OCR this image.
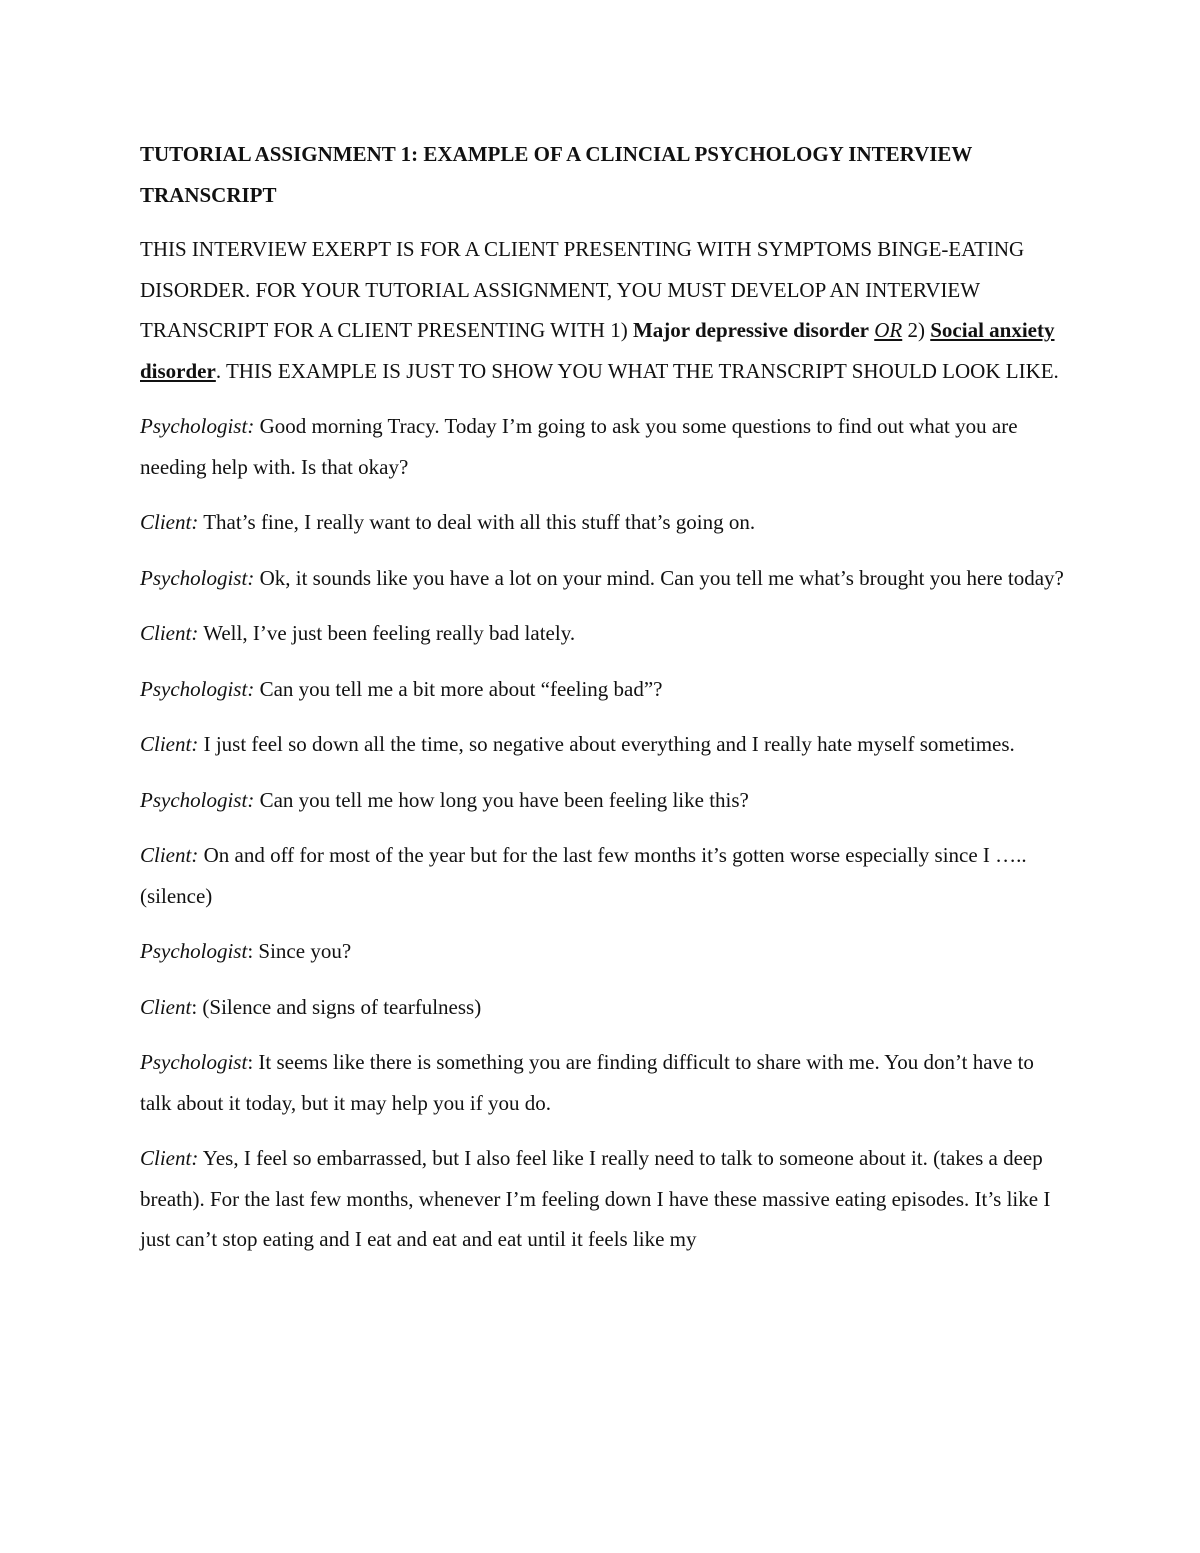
TUTORIAL ASSIGNMENT 1: EXAMPLE OF A CLINCIAL PSYCHOLOGY INTERVIEW TRANSCRIPT

THIS INTERVIEW EXERPT IS FOR A CLIENT PRESENTING WITH SYMPTOMS BINGE-EATING DISORDER. FOR YOUR TUTORIAL ASSIGNMENT, YOU MUST DEVELOP AN INTERVIEW TRANSCRIPT FOR A CLIENT PRESENTING WITH 1) Major depressive disorder OR 2) Social anxiety disorder. THIS EXAMPLE IS JUST TO SHOW YOU WHAT THE TRANSCRIPT SHOULD LOOK LIKE.

Psychologist: Good morning Tracy. Today I’m going to ask you some questions to find out what you are needing help with. Is that okay?

Client: That’s fine, I really want to deal with all this stuff that’s going on.

Psychologist: Ok, it sounds like you have a lot on your mind. Can you tell me what’s brought you here today?

Client: Well, I’ve just been feeling really bad lately.

Psychologist: Can you tell me a bit more about “feeling bad”?

Client: I just feel so down all the time, so negative about everything and I really hate myself sometimes.

Psychologist: Can you tell me how long you have been feeling like this?

Client: On and off for most of the year but for the last few months it’s gotten worse especially since I ….. (silence)

Psychologist: Since you?

Client: (Silence and signs of tearfulness)

Psychologist: It seems like there is something you are finding difficult to share with me. You don’t have to talk about it today, but it may help you if you do.

Client: Yes, I feel so embarrassed, but I also feel like I really need to talk to someone about it. (takes a deep breath). For the last few months, whenever I’m feeling down I have these massive eating episodes. It’s like I just can’t stop eating and I eat and eat and eat until it feels like my
